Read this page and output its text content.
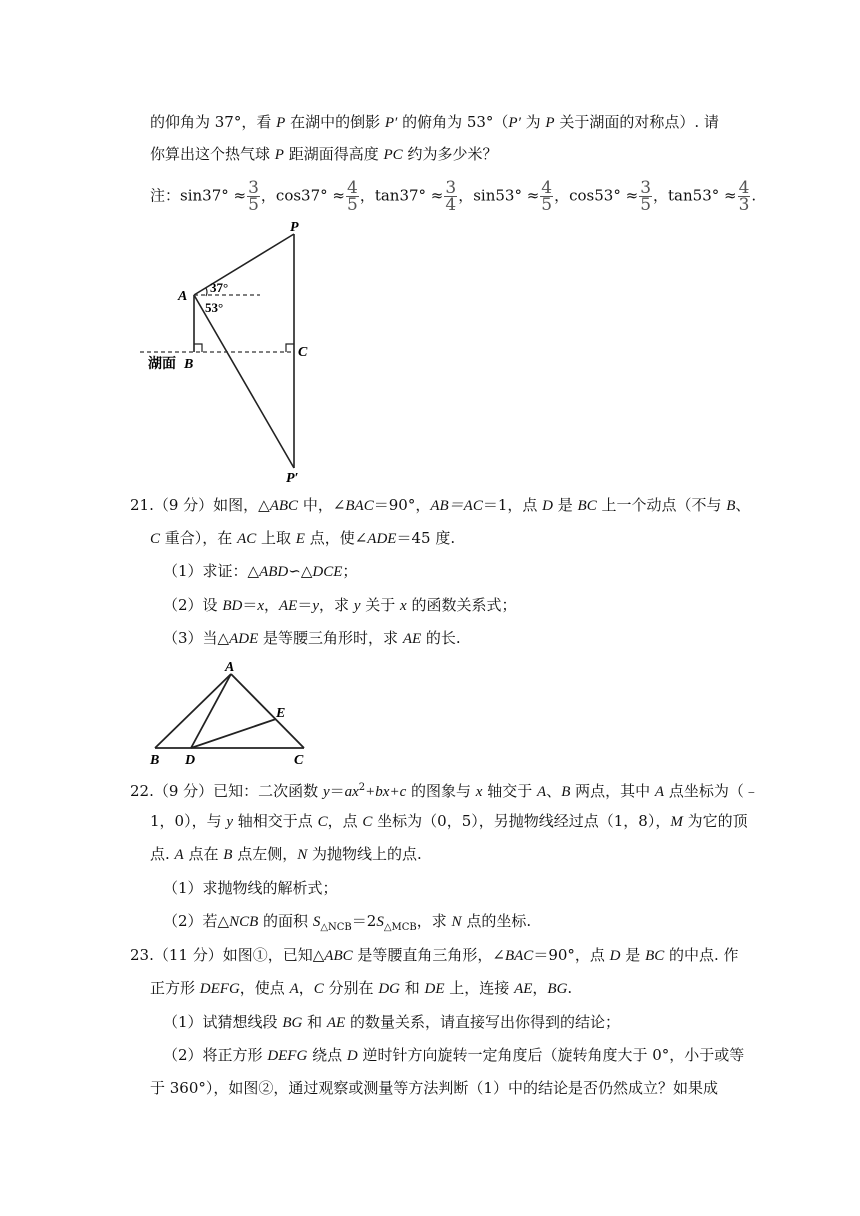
的仰角为 37°，看 P 在湖中的倒影 P′ 的俯角为 53°（P′ 为 P 关于湖面的对称点）. 请
你算出这个热气球 P 距湖面得高度 PC 约为多少米？
注：$\sin 37^\circ \approx \frac{3}{5}$ ，$\cos 37^\circ \approx \frac{4}{5}$ ，$\tan 37^\circ \approx \frac{3}{4}$ ，$\sin 53^\circ \approx \frac{4}{5}$ ，$\cos 53^\circ \approx \frac{3}{5}$ ，$\tan 53^\circ \approx \frac{4}{3}$ .
P
A
37°
53°
湖面 B
C
P′
21.（9 分）如图，△ABC 中，∠BAC＝90°，AB＝AC＝1，点 D 是 BC 上一个动点（不与 B、
C 重合），在 AC 上取 E 点，使∠ADE＝45 度.
（1）求证：△ABD∽△DCE；
（2）设 BD＝x，AE＝y，求 y 关于 x 的函数关系式；
（3）当△ADE 是等腰三角形时，求 AE 的长.
A
B D
E
C
22.（9 分）已知：二次函数 $y=ax^2+bx+c$ 的图象与 x 轴交于 A、B 两点，其中 A 点坐标为（﹣
1，0），与 y 轴相交于点 C，点 C 坐标为（0，5），另抛物线经过点（1，8），M 为它的顶
点. A 点在 B 点左侧，N 为抛物线上的点.
（1）求抛物线的解析式；
（2）若△NCB 的面积 $S_{\triangle NCB}=2S_{\triangle MCB}$，求 N 点的坐标.
23.（11 分）如图①，已知△ABC 是等腰直角三角形，∠BAC＝90°，点 D 是 BC 的中点. 作
正方形 DEFG，使点 A，C 分别在 DG 和 DE 上，连接 AE，BG.
（1）试猜想线段 BG 和 AE 的数量关系，请直接写出你得到的结论；
（2）将正方形 DEFG 绕点 D 逆时针方向旋转一定角度后（旋转角度大于 0°，小于或等
于 360°），如图②，通过观察或测量等方法判断（1）中的结论是否仍然成立？如果成
